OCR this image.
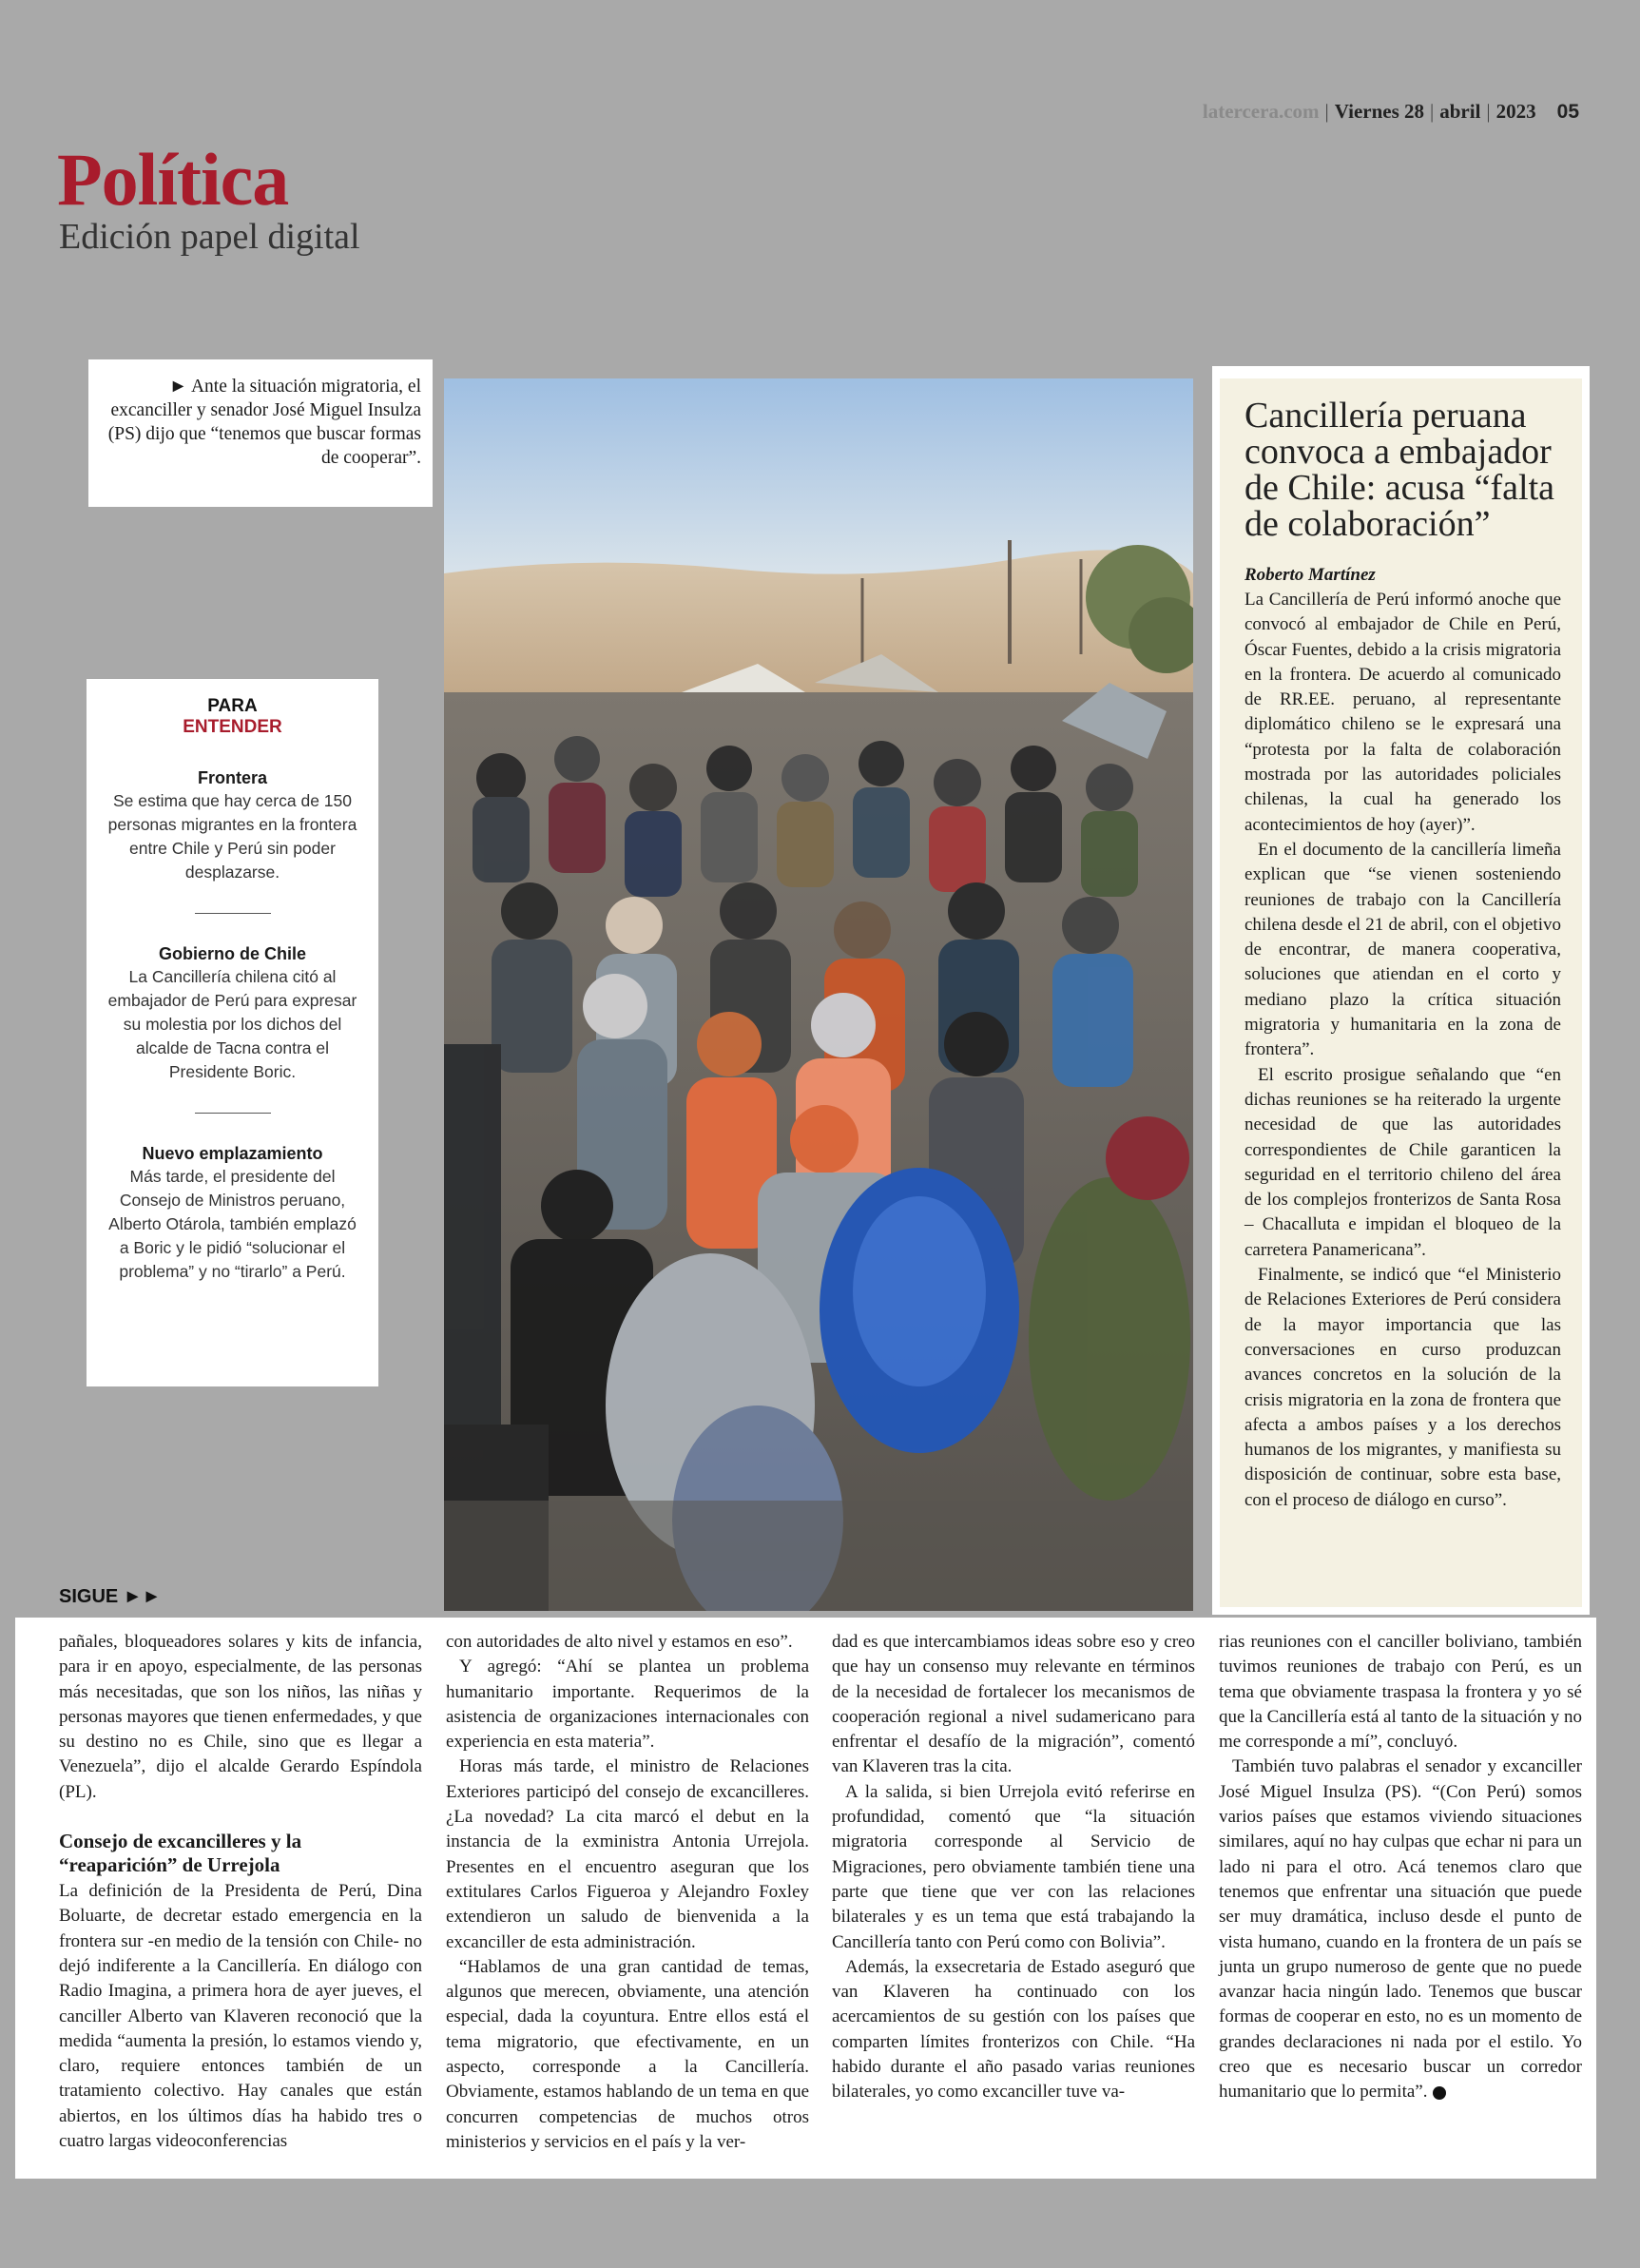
latercera.com | Viernes 28 | abril | 2023 05
Política
Edición papel digital
► Ante la situación migratoria, el excanciller y senador José Miguel Insulza (PS) dijo que “tenemos que buscar formas de cooperar”.
PARA
ENTENDER
Frontera
Se estima que hay cerca de 150 personas migrantes en la frontera entre Chile y Perú sin poder desplazarse.
Gobierno de Chile
La Cancillería chilena citó al embajador de Perú para expresar su molestia por los dichos del alcalde de Tacna contra el Presidente Boric.
Nuevo emplazamiento
Más tarde, el presidente del Consejo de Ministros peruano, Alberto Otárola, también emplazó a Boric y le pidió “solucionar el problema” y no “tirarlo” a Perú.
Cancillería peruana convoca a embajador de Chile: acusa “falta de colaboración”
Roberto Martínez

La Cancillería de Perú informó anoche que convocó al embajador de Chile en Perú, Óscar Fuentes, debido a la crisis migratoria en la frontera. De acuerdo al comunicado de RR.EE. peruano, al representante diplomático chileno se le expresará una “protesta por la falta de colaboración mostrada por las autoridades policiales chilenas, la cual ha generado los acontecimientos de hoy (ayer)”.

En el documento de la cancillería limeña explican que “se vienen sosteniendo reuniones de trabajo con la Cancillería chilena desde el 21 de abril, con el objetivo de encontrar, de manera cooperativa, soluciones que atiendan en el corto y mediano plazo la crítica situación migratoria y humanitaria en la zona de frontera”.

El escrito prosigue señalando que “en dichas reuniones se ha reiterado la urgente necesidad de que las autoridades correspondientes de Chile garanticen la seguridad en el territorio chileno del área de los complejos fronterizos de Santa Rosa – Chacalluta e impidan el bloqueo de la carretera Panamericana”.

Finalmente, se indicó que “el Ministerio de Relaciones Exteriores de Perú considera de la mayor importancia que las conversaciones en curso produzcan avances concretos en la solución de la crisis migratoria en la zona de frontera que afecta a ambos países y a los derechos humanos de los migrantes, y manifiesta su disposición de continuar, sobre esta base, con el proceso de diálogo en curso”.

SIGUE ►►

pañales, bloqueadores solares y kits de infancia, para ir en apoyo, especialmente, de las personas más necesitadas, que son los niños, las niñas y personas mayores que tienen enfermedades, y que su destino no es Chile, sino que es llegar a Venezuela”, dijo el alcalde Gerardo Espíndola (PL).

Consejo de excancilleres y la “reaparición” de Urrejola

La definición de la Presidenta de Perú, Dina Boluarte, de decretar estado emergencia en la frontera sur -en medio de la tensión con Chile- no dejó indiferente a la Cancillería. En diálogo con Radio Imagina, a primera hora de ayer jueves, el canciller Alberto van Klaveren reconoció que la medida “aumenta la presión, lo estamos viendo y, claro, requiere entonces también de un tratamiento colectivo. Hay canales que están abiertos, en los últimos días ha habido tres o cuatro largas videoconferencias

con autoridades de alto nivel y estamos en eso”.

Y agregó: “Ahí se plantea un problema humanitario importante. Requerimos de la asistencia de organizaciones internacionales con experiencia en esta materia”.

Horas más tarde, el ministro de Relaciones Exteriores participó del consejo de excancilleres. ¿La novedad? La cita marcó el debut en la instancia de la exministra Antonia Urrejola. Presentes en el encuentro aseguran que los extitulares Carlos Figueroa y Alejandro Foxley extendieron un saludo de bienvenida a la excanciller de esta administración.

“Hablamos de una gran cantidad de temas, algunos que merecen, obviamente, una atención especial, dada la coyuntura. Entre ellos está el tema migratorio, que efectivamente, en un aspecto, corresponde a la Cancillería. Obviamente, estamos hablando de un tema en que concurren competencias de muchos otros ministerios y servicios en el país y la ver-

dad es que intercambiamos ideas sobre eso y creo que hay un consenso muy relevante en términos de la necesidad de fortalecer los mecanismos de cooperación regional a nivel sudamericano para enfrentar el desafío de la migración”, comentó van Klaveren tras la cita.

A la salida, si bien Urrejola evitó referirse en profundidad, comentó que “la situación migratoria corresponde al Servicio de Migraciones, pero obviamente también tiene una parte que tiene que ver con las relaciones bilaterales y es un tema que está trabajando la Cancillería tanto con Perú como con Bolivia”.

Además, la exsecretaria de Estado aseguró que van Klaveren ha continuado con los acercamientos de su gestión con los países que comparten límites fronterizos con Chile. “Ha habido durante el año pasado varias reuniones bilaterales, yo como excanciller tuve va-

rias reuniones con el canciller boliviano, también tuvimos reuniones de trabajo con Perú, es un tema que obviamente traspasa la frontera y yo sé que la Cancillería está al tanto de la situación y no me corresponde a mí”, concluyó.

También tuvo palabras el senador y excanciller José Miguel Insulza (PS). “(Con Perú) somos varios países que estamos viviendo situaciones similares, aquí no hay culpas que echar ni para un lado ni para el otro. Acá tenemos claro que tenemos que enfrentar una situación que puede ser muy dramática, incluso desde el punto de vista humano, cuando en la frontera de un país se junta un grupo numeroso de gente que no puede avanzar hacia ningún lado. Tenemos que buscar formas de cooperar en esto, no es un momento de grandes declaraciones ni nada por el estilo. Yo creo que es necesario buscar un corredor humanitario que lo permita”.
